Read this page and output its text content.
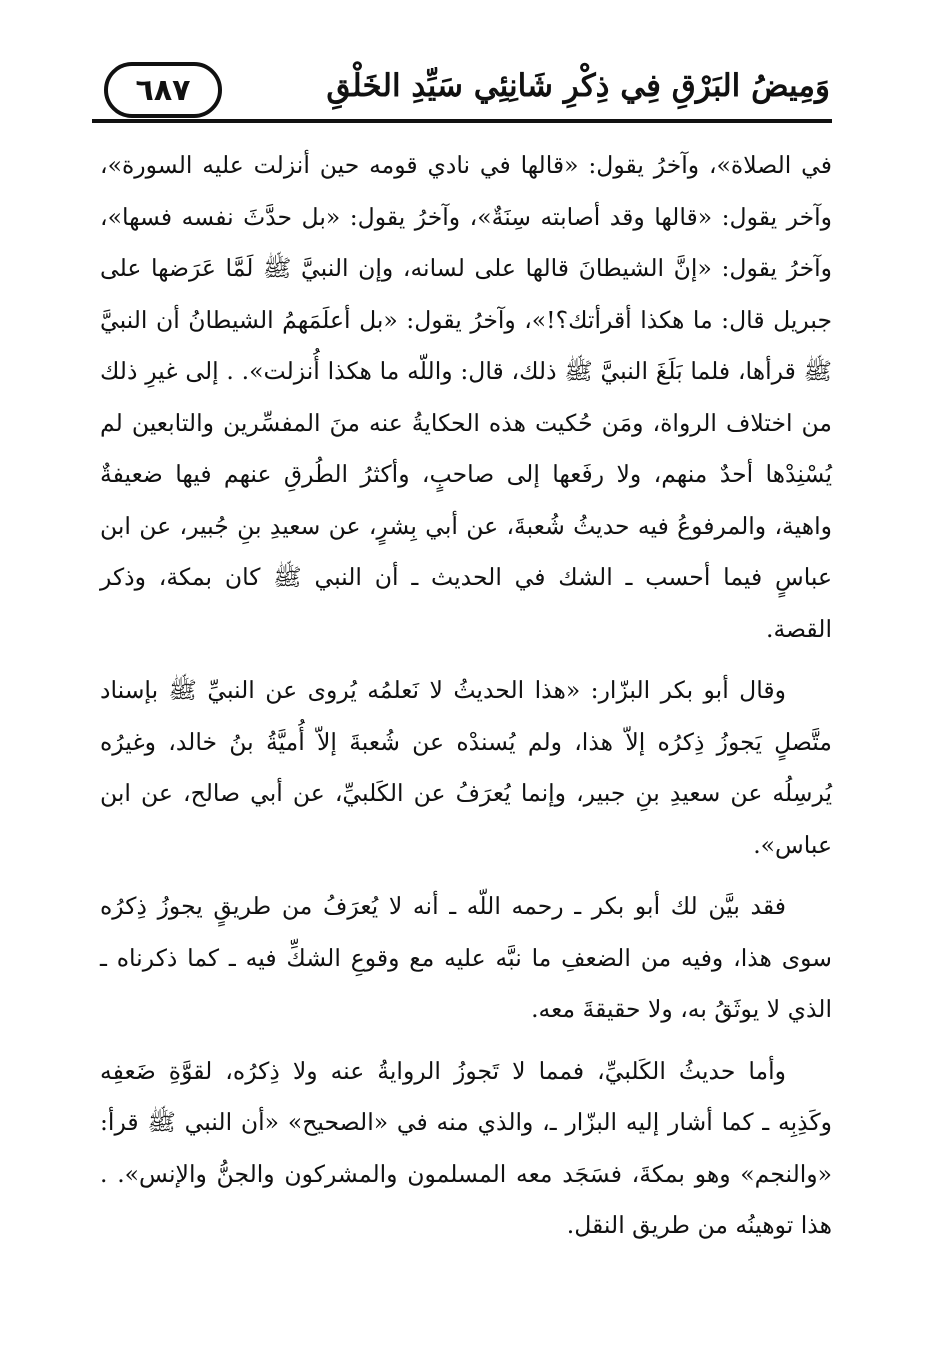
٦٨٧	وَمِيضُ البَرْقِ فِي ذِكْرِ شَانِئِي سَيِّدِ الخَلْقِ

في الصلاة»، وآخرُ يقول: «قالها في نادي قومه حين أنزلت عليه السورة»، وآخر يقول: «قالها وقد أصابته سِنَةٌ»، وآخرُ يقول: «بل حدَّثَ نفسه فسها»، وآخرُ يقول: «إنَّ الشيطانَ قالها على لسانه، وإن النبيَّ ﷺ لَمَّا عَرَضها على جبريل قال: ما هكذا أقرأتك؟!»، وآخرُ يقول: «بل أعلَمَهمُ الشيطانُ أن النبيَّ ﷺ قرأها، فلما بَلَغَ النبيَّ ﷺ ذلك، قال: واللّه ما هكذا أُنزلت». . إلى غيرِ ذلك من اختلاف الرواة، ومَن حُكيت هذه الحكايةُ عنه منَ المفسِّرين والتابعين لم يُسْنِدْها أحدٌ منهم، ولا رفَعها إلى صاحبٍ، وأكثرُ الطُرقِ عنهم فيها ضعيفةٌ واهية، والمرفوعُ فيه حديثُ شُعبةَ، عن أبي بِشرٍ، عن سعيدِ بنِ جُبير، عن ابن عباسٍ فيما أحسب ـ الشك في الحديث ـ أن النبي ﷺ كان بمكة، وذكر القصة.

وقال أبو بكر البزّار: «هذا الحديثُ لا نَعلمُه يُروى عن النبيِّ ﷺ بإسناد متَّصلٍ يَجوزُ ذِكرُه إلاّ هذا، ولم يُسندْه عن شُعبةَ إلاّ أُميَّةُ بنُ خالد، وغيرُه يُرسِلُه عن سعيدِ بنِ جبير، وإنما يُعرَفُ عن الكَلبيِّ، عن أبي صالح، عن ابن عباس».

فقد بيَّن لك أبو بكر ـ رحمه اللّه ـ أنه لا يُعرَفُ من طريقٍ يجوزُ ذِكرُه سوى هذا، وفيه من الضعفِ ما نبَّه عليه مع وقوعِ الشكِّ فيه ـ كما ذكرناه ـ الذي لا يوثَقُ به، ولا حقيقةَ معه.

وأما حديثُ الكَلبيِّ، فمما لا تَجوزُ الروايةُ عنه ولا ذِكرُه، لقوَّةِ ضَعفِه وكَذِبِه ـ كما أشار إليه البزّار ـ، والذي منه في «الصحيح» «أن النبي ﷺ قرأ: «والنجم» وهو بمكةَ، فسَجَد معه المسلمون والمشركون والجنُّ والإنس». . هذا توهينُه من طريق النقل.
